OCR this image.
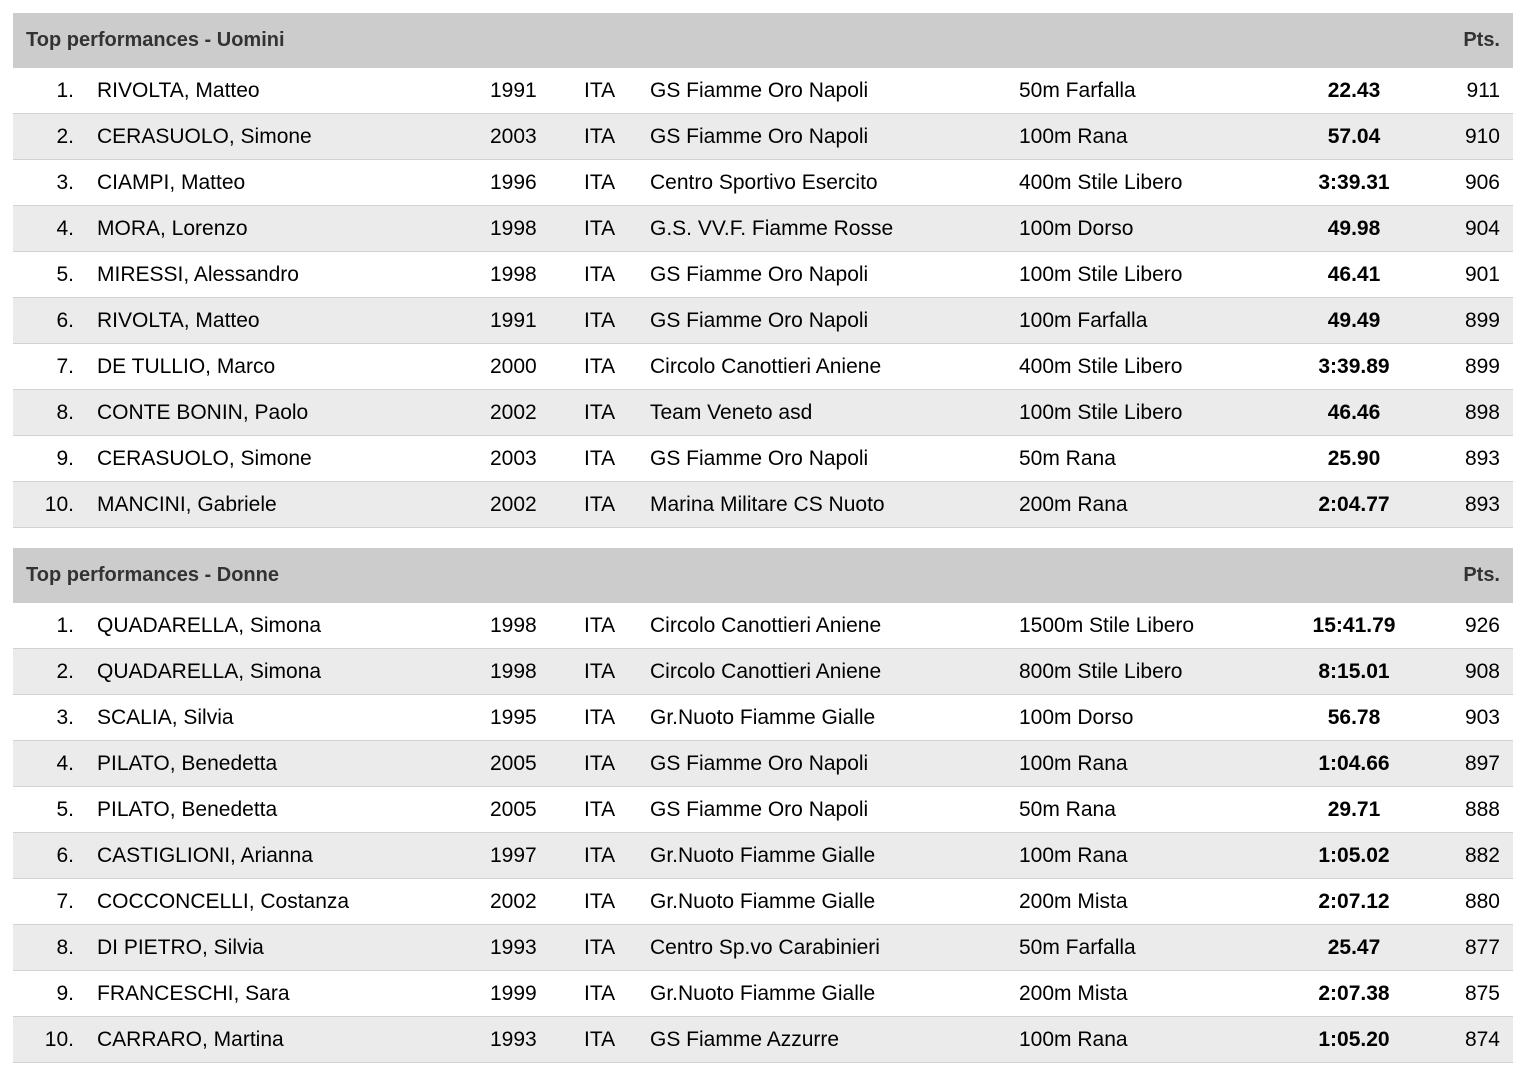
Top performances - Uomini	Pts.
1. RIVOLTA, Matteo	1991 ITA GS Fiamme Oro Napoli	50m Farfalla	22.43	911
2. CERASUOLO, Simone	2003 ITA GS Fiamme Oro Napoli	100m Rana	57.04	910
3. CIAMPI, Matteo	1996 ITA Centro Sportivo Esercito	400m Stile Libero	3:39.31	906
4. MORA, Lorenzo	1998 ITA G.S. VV.F. Fiamme Rosse	100m Dorso	49.98	904
5. MIRESSI, Alessandro	1998 ITA GS Fiamme Oro Napoli	100m Stile Libero	46.41	901
6. RIVOLTA, Matteo	1991 ITA GS Fiamme Oro Napoli	100m Farfalla	49.49	899
7. DE TULLIO, Marco	2000 ITA Circolo Canottieri Aniene	400m Stile Libero	3:39.89	899
8. CONTE BONIN, Paolo	2002 ITA Team Veneto asd	100m Stile Libero	46.46	898
9. CERASUOLO, Simone	2003 ITA GS Fiamme Oro Napoli	50m Rana	25.90	893
10. MANCINI, Gabriele	2002 ITA Marina Militare CS Nuoto	200m Rana	2:04.77	893
Top performances - Donne	Pts.
1. QUADARELLA, Simona	1998 ITA Circolo Canottieri Aniene	1500m Stile Libero	15:41.79	926
2. QUADARELLA, Simona	1998 ITA Circolo Canottieri Aniene	800m Stile Libero	8:15.01	908
3. SCALIA, Silvia	1995 ITA Gr.Nuoto Fiamme Gialle	100m Dorso	56.78	903
4. PILATO, Benedetta	2005 ITA GS Fiamme Oro Napoli	100m Rana	1:04.66	897
5. PILATO, Benedetta	2005 ITA GS Fiamme Oro Napoli	50m Rana	29.71	888
6. CASTIGLIONI, Arianna	1997 ITA Gr.Nuoto Fiamme Gialle	100m Rana	1:05.02	882
7. COCCONCELLI, Costanza	2002 ITA Gr.Nuoto Fiamme Gialle	200m Mista	2:07.12	880
8. DI PIETRO, Silvia	1993 ITA Centro Sp.vo Carabinieri	50m Farfalla	25.47	877
9. FRANCESCHI, Sara	1999 ITA Gr.Nuoto Fiamme Gialle	200m Mista	2:07.38	875
10. CARRARO, Martina	1993 ITA GS Fiamme Azzurre	100m Rana	1:05.20	874
